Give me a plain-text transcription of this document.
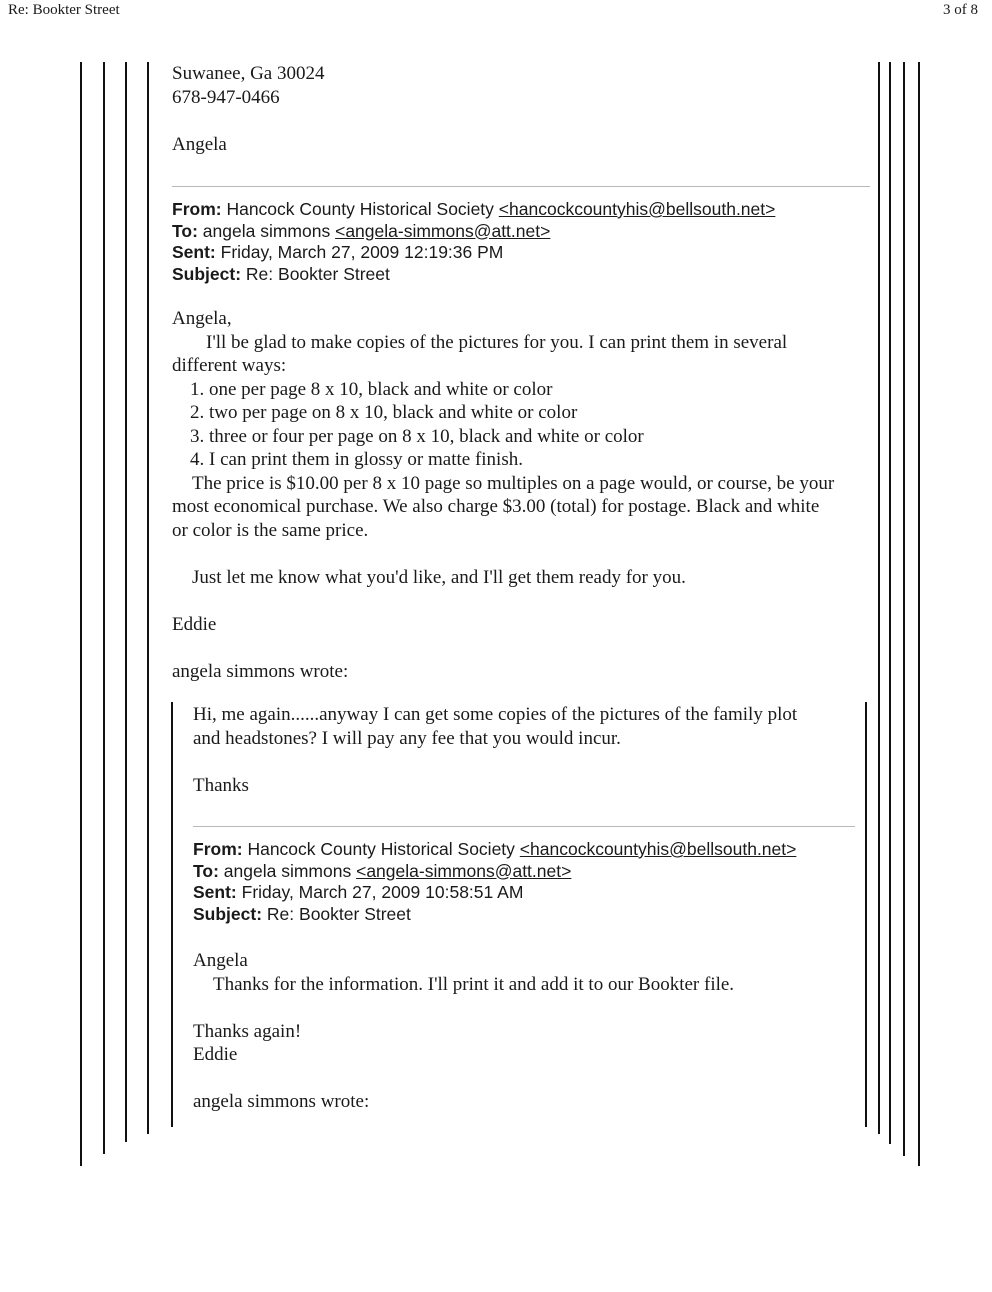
Re: Bookter Street	3 of 8
Suwanee, Ga 30024
678-947-0466
Angela
From: Hancock County Historical Society <hancockcountyhis@bellsouth.net>
To: angela simmons <angela-simmons@att.net>
Sent: Friday, March 27, 2009 12:19:36 PM
Subject: Re: Bookter Street
Angela,
I'll be glad to make copies of the pictures for you. I can print them in several
different ways:
1. one per page 8 x 10, black and white or color
2. two per page on 8 x 10, black and white or color
3. three or four per page on 8 x 10, black and white or color
4. I can print them in glossy or matte finish.
The price is $10.00 per 8 x 10 page so multiples on a page would, or course, be your
most economical purchase. We also charge $3.00 (total) for postage. Black and white
or color is the same price.
Just let me know what you'd like, and I'll get them ready for you.
Eddie
angela simmons wrote:
Hi, me again......anyway I can get some copies of the pictures of the family plot
and headstones? I will pay any fee that you would incur.
Thanks
From: Hancock County Historical Society <hancockcountyhis@bellsouth.net>
To: angela simmons <angela-simmons@att.net>
Sent: Friday, March 27, 2009 10:58:51 AM
Subject: Re: Bookter Street
Angela
Thanks for the information. I'll print it and add it to our Bookter file.
Thanks again!
Eddie
angela simmons wrote:
